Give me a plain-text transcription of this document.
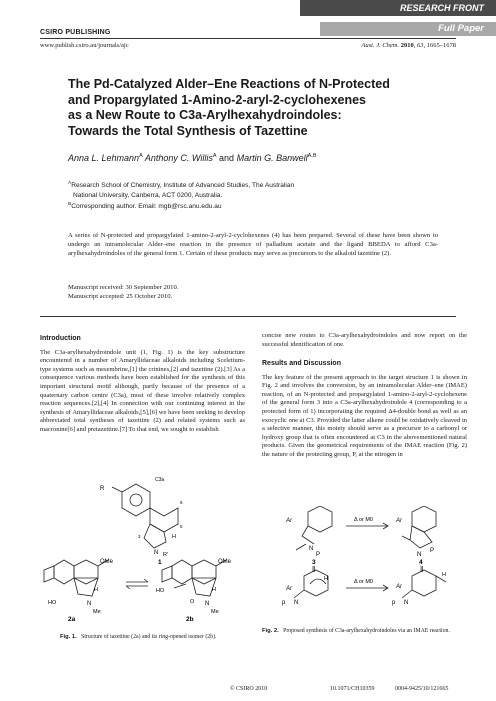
RESEARCH FRONT
Full Paper
CSIRO PUBLISHING
www.publish.csiro.au/journals/ajc	Aust. J. Chem. 2010, 63, 1665–1678
The Pd-Catalyzed Alder–Ene Reactions of N-Protected
and Propargylated 1-Amino-2-aryl-2-cyclohexenes
as a New Route to C3a-Arylhexahydroindoles:
Towards the Total Synthesis of Tazettine
Anna L. Lehmann$^A$ Anthony C. Willis$^A$ and Martin G. Banwell$^{A,B}$
$^A$Research School of Chemistry, Institute of Advanced Studies, The Australian
National University, Canberra, ACT 0200, Australia.
$^B$Corresponding author. Email: mgb@rsc.anu.edu.au
A series of N-protected and propargylated 1-amino-2-aryl-2-cyclohexenes (4) has been prepared. Several of these have been shown to undergo an intramolecular Alder–ene reaction in the presence of palladium acetate and the ligand BBEDA to afford C3a-arylhexahydroindoles of the general form 1. Certain of these products may serve as precursors to the alkaloid tazettine (2).
Manuscript received: 30 September 2010.
Manuscript accepted: 25 October 2010.
Introduction

The C3a-arylhexahydroindole unit (1, Fig. 1) is the key substructure encountered in a number of Amaryllidaceae alkaloids including Sceletium-type systems such as mesembrine,[1] the crinines,[2] and tazettine (2).[3] As a consequence various methods have been established for the synthesis of this important structural motif although, partly because of the presence of a quaternary carbon centre (C3a), most of these involve relatively complex reaction sequences.[2],[4] In connection with our continuing interest in the synthesis of Amaryllidaceae alkaloids,[5],[6] we have been seeking to develop abbreviated total syntheses of tazettine (2) and related systems such as macronine[6] and pretazettine.[7] To that end, we sought to establish

concise new routes to C3a-arylhexahydroindoles and now report on the successful identification of one.

Results and Discussion

The key feature of the present approach to the target structure 1 is shown in Fig. 2 and involves the conversion, by an intramolecular Alder–ene (IMAE) reaction, of an N-protected and propargylated 1-amino-2-aryl-2-cyclohexene of the general form 3 into a C3a-arylhexahydroindole 4 (corresponding to a protected form of 1) incorporating the required Δ4-double bond as well as an exocyclic one at C3. Provided the latter alkene could be oxidatively cleaved in a selective manner, this moiety should serve as a precursor to a carbonyl or hydroxy group that is often encountered at C3 in the abovementioned natural products. Given the geometrical requirements of the IMAE reaction (Fig. 2) the nature of the protecting group, P, at the nitrogen in

R
C3a
H
N R'
6
5
3
1
OMe
HO	N
Me
H
2a
OMe
HO
N
Me
O
H
2b
Fig. 1. Structure of tazettine (2a) and its ring-opened isomer (2b).
Ar
N
P
3
Δ or M0	Ar
N
P
4
‖	‖
Ar
p N
H	Δ or M0
Ar
p N
H
Fig. 2. Proposed synthesis of C3a-arylhexahydroindoles via an IMAE reaction.
© CSIRO 2010	10.1071/CH10359	0004-9425/10/121665
